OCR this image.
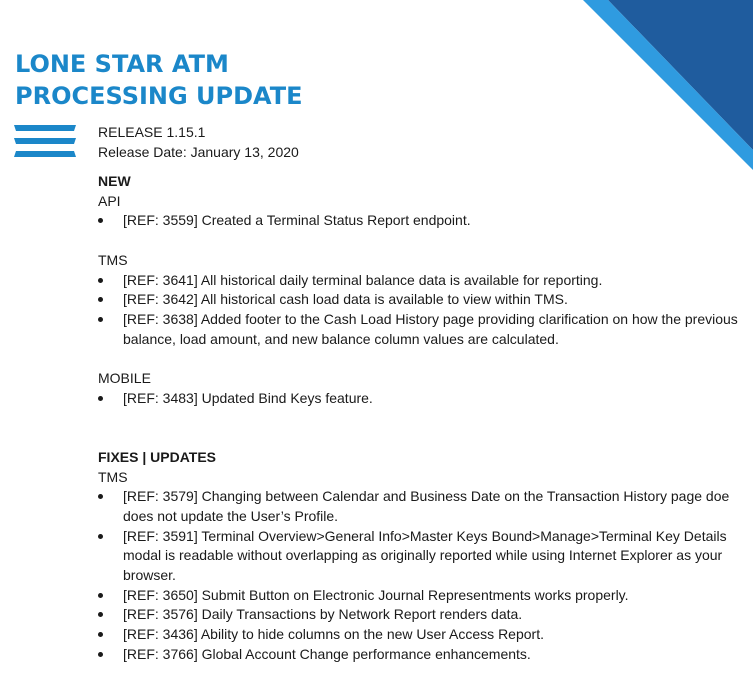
LONE STAR ATM
PROCESSING UPDATE
RELEASE 1.15.1
Release Date: January 13, 2020
NEW
API
[REF: 3559] Created a Terminal Status Report endpoint.
TMS
[REF: 3641] All historical daily terminal balance data is available for reporting.
[REF: 3642] All historical cash load data is available to view within TMS.
[REF: 3638] Added footer to the Cash Load History page providing clarification on how the previous balance, load amount, and new balance column values are calculated.
MOBILE
[REF: 3483] Updated Bind Keys feature.
FIXES | UPDATES
TMS
[REF: 3579] Changing between Calendar and Business Date on the Transaction History page doe does not update the User’s Profile.
[REF: 3591] Terminal Overview>General Info>Master Keys Bound>Manage>Terminal Key Details modal is readable without overlapping as originally reported while using Internet Explorer as your browser.
[REF: 3650] Submit Button on Electronic Journal Representments works properly.
[REF: 3576] Daily Transactions by Network Report renders data.
[REF: 3436] Ability to hide columns on the new User Access Report.
[REF: 3766] Global Account Change performance enhancements.
